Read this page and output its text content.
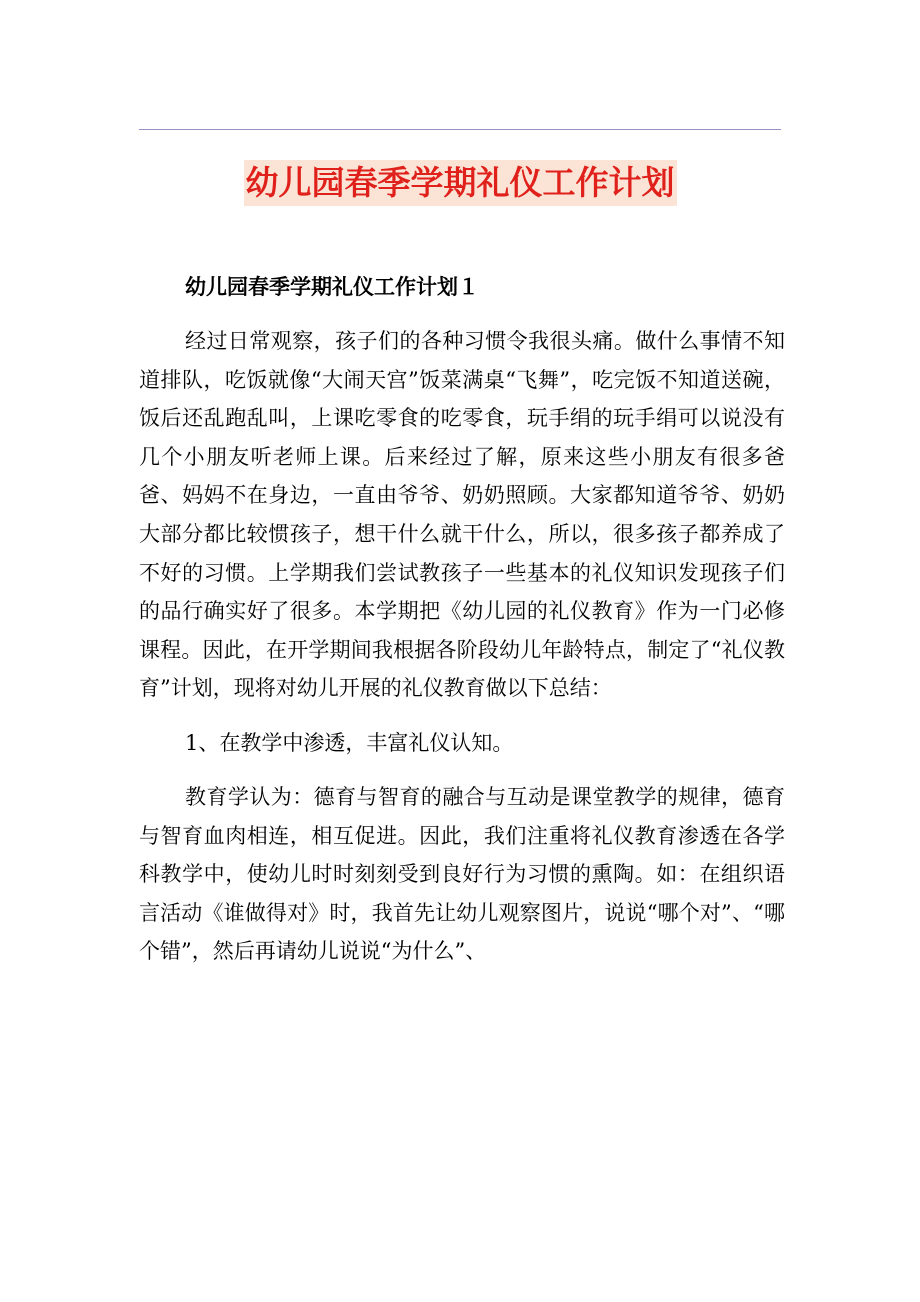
幼儿园春季学期礼仪工作计划

幼儿园春季学期礼仪工作计划１

经过日常观察，孩子们的各种习惯令我很头痛。做什么事情不知道排队，吃饭就像“大闹天宫”饭菜满桌“飞舞”，吃完饭不知道送碗，饭后还乱跑乱叫，上课吃零食的吃零食，玩手绢的玩手绢可以说没有几个小朋友听老师上课。后来经过了解，原来这些小朋友有很多爸爸、妈妈不在身边，一直由爷爷、奶奶照顾。大家都知道爷爷、奶奶大部分都比较惯孩子，想干什么就干什么，所以，很多孩子都养成了不好的习惯。上学期我们尝试教孩子一些基本的礼仪知识发现孩子们的品行确实好了很多。本学期把《幼儿园的礼仪教育》作为一门必修课程。因此，在开学期间我根据各阶段幼儿年龄特点，制定了“礼仪教育”计划，现将对幼儿开展的礼仪教育做以下总结：

1、在教学中渗透，丰富礼仪认知。

教育学认为：德育与智育的融合与互动是课堂教学的规律，德育与智育血肉相连，相互促进。因此，我们注重将礼仪教育渗透在各学科教学中，使幼儿时时刻刻受到良好行为习惯的熏陶。如：在组织语言活动《谁做得对》时，我首先让幼儿观察图片，说说“哪个对”、“哪个错”，然后再请幼儿说说“为什么”、
